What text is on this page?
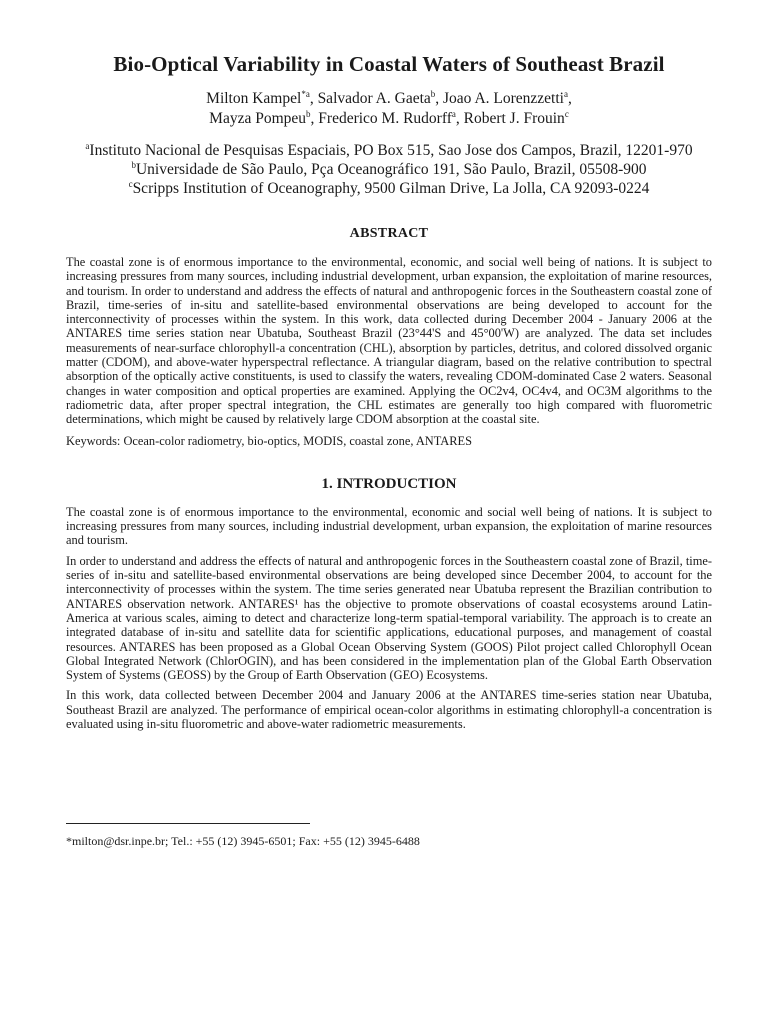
Bio-Optical Variability in Coastal Waters of Southeast Brazil
Milton Kampel$^{*a}$, Salvador A. Gaeta$^b$, Joao A. Lorenzzetti$^a$,
Mayza Pompeu$^b$, Frederico M. Rudorff$^a$, Robert J. Frouin$^c$
$^a$Instituto Nacional de Pesquisas Espaciais, PO Box 515, Sao Jose dos Campos, Brazil, 12201-970
$^b$Universidade de São Paulo, Pça Oceanográfico 191, São Paulo, Brazil, 05508-900
$^c$Scripps Institution of Oceanography, 9500 Gilman Drive, La Jolla, CA 92093-0224
ABSTRACT

The coastal zone is of enormous importance to the environmental, economic, and social well being of nations. It is subject to increasing pressures from many sources, including industrial development, urban expansion, the exploitation of marine resources, and tourism. In order to understand and address the effects of natural and anthropogenic forces in the Southeastern coastal zone of Brazil, time-series of in-situ and satellite-based environmental observations are being developed to account for the interconnectivity of processes within the system. In this work, data collected during December 2004 - January 2006 at the ANTARES time series station near Ubatuba, Southeast Brazil (23°44'S and 45°00'W) are analyzed. The data set includes measurements of near-surface chlorophyll-a concentration (CHL), absorption by particles, detritus, and colored dissolved organic matter (CDOM), and above-water hyperspectral reflectance. A triangular diagram, based on the relative contribution to spectral absorption of the optically active constituents, is used to classify the waters, revealing CDOM-dominated Case 2 waters. Seasonal changes in water composition and optical properties are examined. Applying the OC2v4, OC4v4, and OC3M algorithms to the radiometric data, after proper spectral integration, the CHL estimates are generally too high compared with fluorometric determinations, which might be caused by relatively large CDOM absorption at the coastal site.

Keywords: Ocean-color radiometry, bio-optics, MODIS, coastal zone, ANTARES

1. INTRODUCTION

The coastal zone is of enormous importance to the environmental, economic and social well being of nations. It is subject to increasing pressures from many sources, including industrial development, urban expansion, the exploitation of marine resources and tourism.

In order to understand and address the effects of natural and anthropogenic forces in the Southeastern coastal zone of Brazil, time-series of in-situ and satellite-based environmental observations are being developed since December 2004, to account for the interconnectivity of processes within the system. The time series generated near Ubatuba represent the Brazilian contribution to ANTARES observation network. ANTARES¹ has the objective to promote observations of coastal ecosystems around Latin-America at various scales, aiming to detect and characterize long-term spatial-temporal variability. The approach is to create an integrated database of in-situ and satellite data for scientific applications, educational purposes, and management of coastal resources. ANTARES has been proposed as a Global Ocean Observing System (GOOS) Pilot project called Chlorophyll Ocean Global Integrated Network (ChlorOGIN), and has been considered in the implementation plan of the Global Earth Observation System of Systems (GEOSS) by the Group of Earth Observation (GEO) Ecosystems.

In this work, data collected between December 2004 and January 2006 at the ANTARES time-series station near Ubatuba, Southeast Brazil are analyzed. The performance of empirical ocean-color algorithms in estimating chlorophyll-a concentration is evaluated using in-situ fluorometric and above-water radiometric measurements.

*milton@dsr.inpe.br; Tel.: +55 (12) 3945-6501; Fax: +55 (12) 3945-6488
